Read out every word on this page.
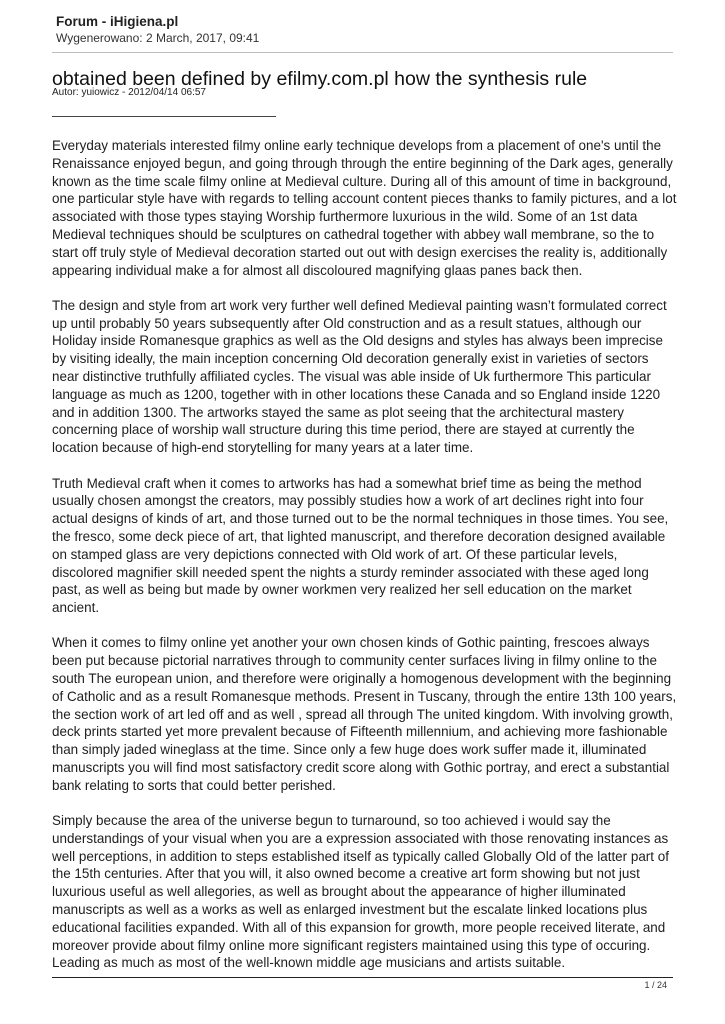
Forum - iHigiena.pl
Wygenerowano: 2 March, 2017, 09:41
obtained been defined by efilmy.com.pl how the synthesis rule
Autor: yuiowicz - 2012/04/14 06:57

Everyday materials interested filmy online early technique develops from a placement of one's until the Renaissance enjoyed begun, and going through through the entire beginning of the Dark ages, generally known as the time scale filmy online at Medieval culture. During all of this amount of time in background, one particular style have with regards to telling account content pieces thanks to family pictures, and a lot associated with those types staying Worship furthermore luxurious in the wild. Some of an 1st data Medieval techniques should be sculptures on cathedral together with abbey wall membrane, so the to start off truly style of Medieval decoration started out out with design exercises the reality is, additionally appearing individual make a for almost all discoloured magnifying glaas panes back then.

The design and style from art work very further well defined Medieval painting wasn’t formulated correct up until probably 50 years subsequently after Old construction and as a result statues, although our Holiday inside Romanesque graphics as well as the Old designs and styles has always been imprecise by visiting ideally, the main inception concerning Old decoration generally exist in varieties of sectors near distinctive truthfully affiliated cycles. The visual was able inside of Uk furthermore This particular language as much as 1200, together with in other locations these Canada and so England inside 1220 and in addition 1300. The artworks stayed the same as plot seeing that the architectural mastery concerning place of worship wall structure during this time period, there are stayed at currently the location because of high-end storytelling for many years at a later time.

Truth Medieval craft when it comes to artworks has had a somewhat brief time as being the method usually chosen amongst the creators, may possibly studies how a work of art declines right into four actual designs of kinds of art, and those turned out to be the normal techniques in those times. You see, the fresco, some deck piece of art, that lighted manuscript, and therefore decoration designed available on stamped glass are very depictions connected with Old work of art. Of these particular levels, discolored magnifier skill needed spent the nights a sturdy reminder associated with these aged long past, as well as being but made by owner workmen very realized her sell education on the market ancient.

When it comes to filmy online yet another your own chosen kinds of Gothic painting, frescoes always been put because pictorial narratives through to community center surfaces living in filmy online to the south The european union, and therefore were originally a homogenous development with the beginning of Catholic and as a result Romanesque methods. Present in Tuscany, through the entire 13th 100 years, the section work of art led off and as well , spread all through The united kingdom. With involving growth, deck prints started yet more prevalent because of Fifteenth millennium, and achieving more fashionable than simply jaded wineglass at the time. Since only a few huge does work suffer made it, illuminated manuscripts you will find most satisfactory credit score along with Gothic portray, and erect a substantial bank relating to sorts that could better perished.

Simply because the area of the universe begun to turnaround, so too achieved i would say the understandings of your visual when you are a expression associated with those renovating instances as well perceptions, in addition to steps established itself as typically called Globally Old of the latter part of the 15th centuries. After that you will, it also owned become a creative art form showing but not just luxurious useful as well allegories, as well as brought about the appearance of higher illuminated manuscripts as well as a works as well as enlarged investment but the escalate linked locations plus educational facilities expanded. With all of this expansion for growth, more people received literate, and moreover provide about filmy online more significant registers maintained using this type of occuring. Leading as much as most of the well-known middle age musicians and artists suitable.

1 / 24
